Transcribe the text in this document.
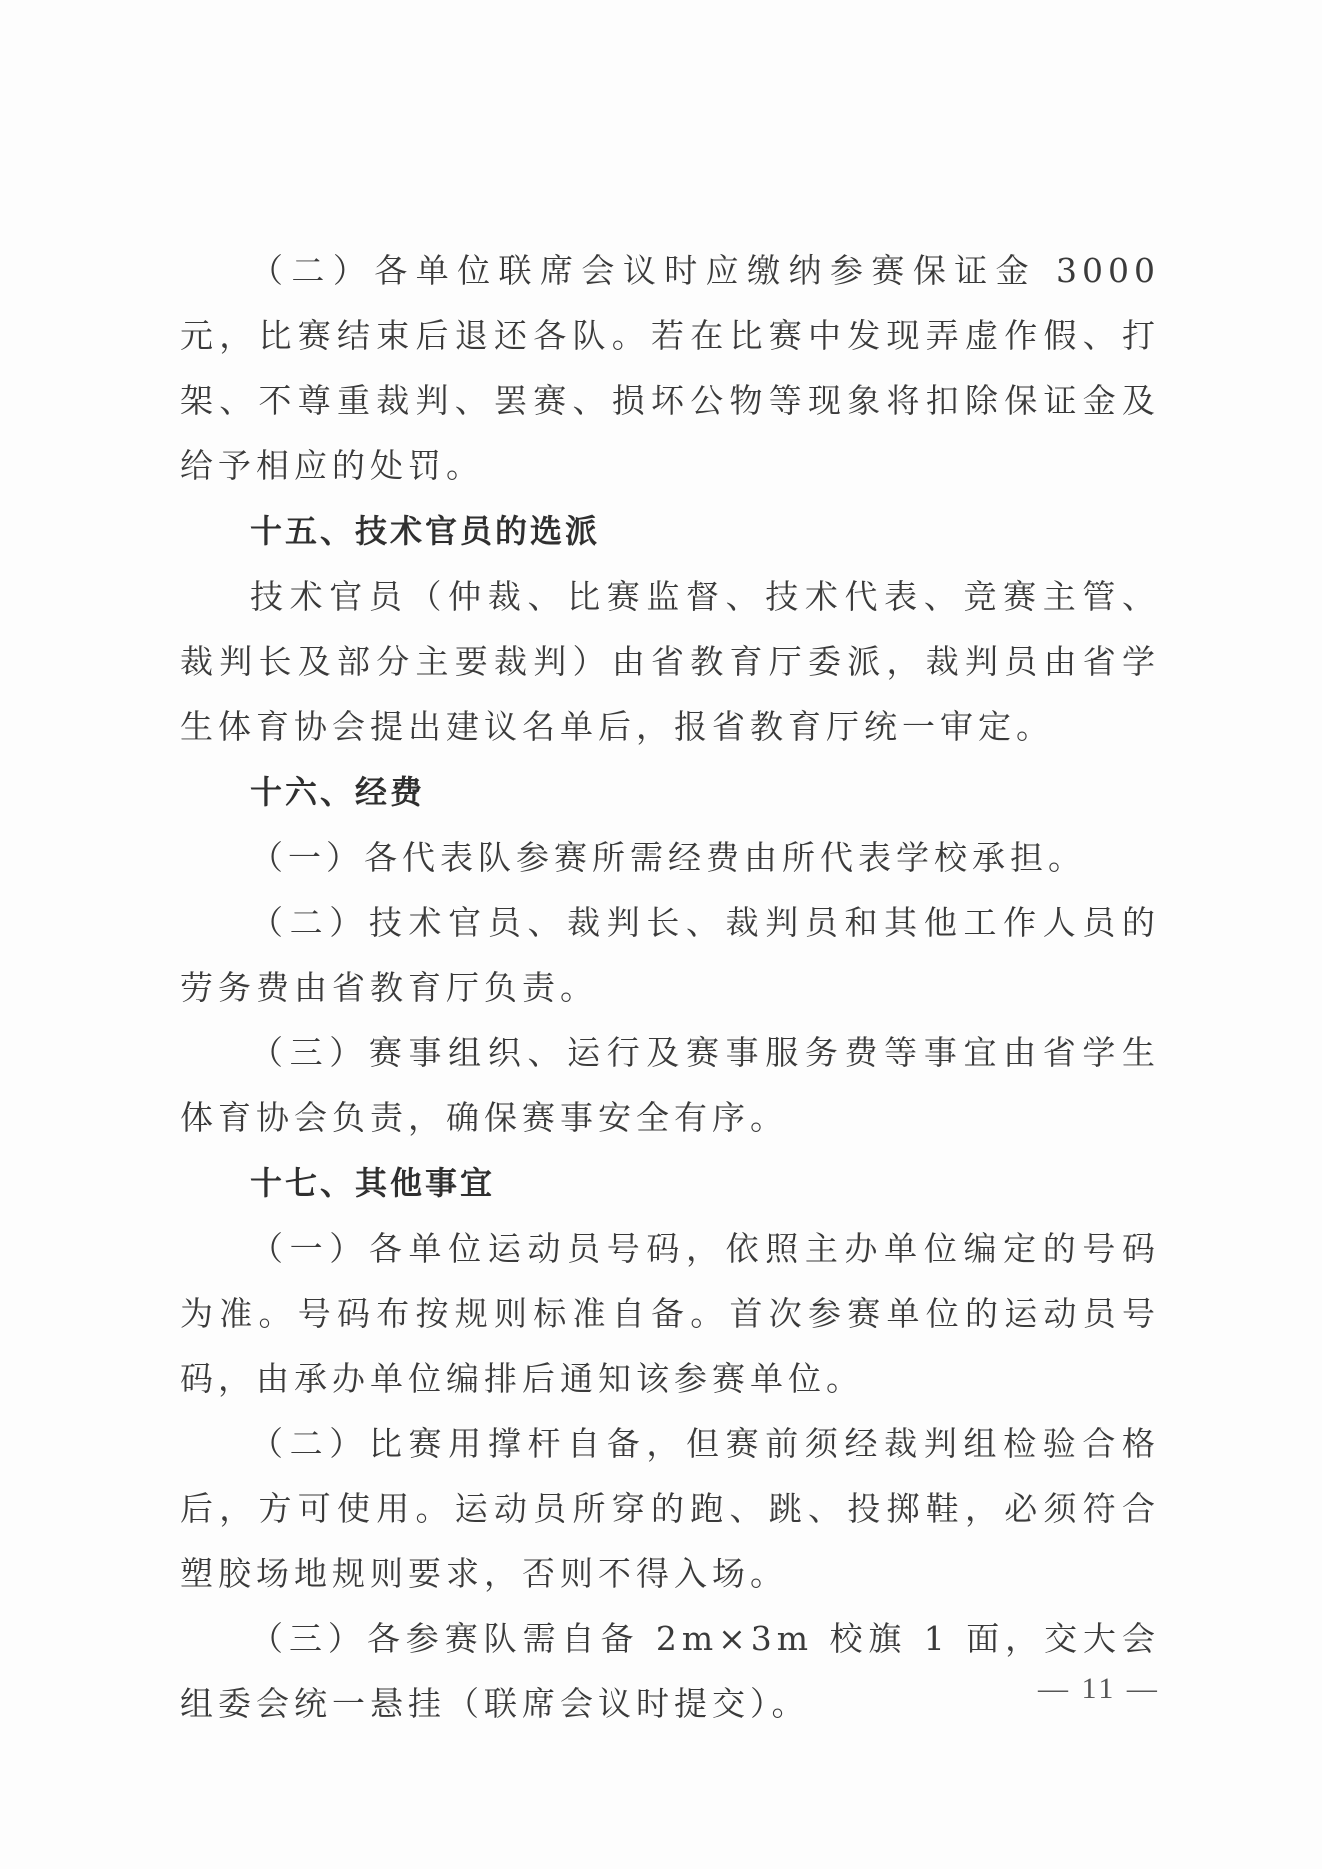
（二）各单位联席会议时应缴纳参赛保证金 3000 元，比赛结束后退还各队。若在比赛中发现弄虚作假、打架、不尊重裁判、罢赛、损坏公物等现象将扣除保证金及给予相应的处罚。

十五、技术官员的选派

技术官员（仲裁、比赛监督、技术代表、竞赛主管、裁判长及部分主要裁判）由省教育厅委派，裁判员由省学生体育协会提出建议名单后，报省教育厅统一审定。

十六、经费

（一）各代表队参赛所需经费由所代表学校承担。

（二）技术官员、裁判长、裁判员和其他工作人员的劳务费由省教育厅负责。

（三）赛事组织、运行及赛事服务费等事宜由省学生体育协会负责，确保赛事安全有序。

十七、其他事宜

（一）各单位运动员号码，依照主办单位编定的号码为准。号码布按规则标准自备。首次参赛单位的运动员号码，由承办单位编排后通知该参赛单位。

（二）比赛用撑杆自备，但赛前须经裁判组检验合格后，方可使用。运动员所穿的跑、跳、投掷鞋，必须符合塑胶场地规则要求，否则不得入场。

（三）各参赛队需自备 2m×3m 校旗 1 面，交大会组委会统一悬挂（联席会议时提交）。	— 11 —
